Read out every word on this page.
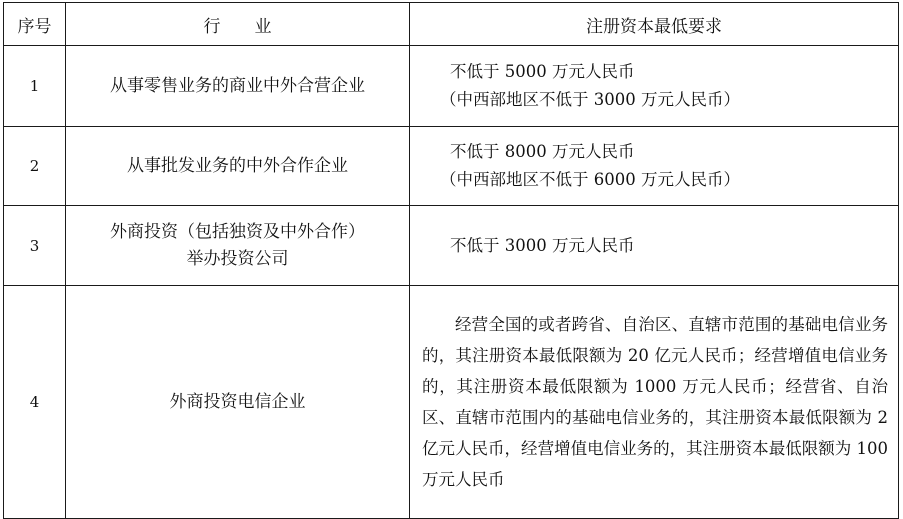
序号	行　　业	注册资本最低要求
1	从事零售业务的商业中外合营企业	不低于 5000 万元人民币
（中西部地区不低于 3000 万元人民币）

2	从事批发业务的中外合作企业	不低于 8000 万元人民币
（中西部地区不低于 6000 万元人民币）

3	外商投资（包括独资及中外合作）
举办投资公司	不低于 3000 万元人民币

4	外商投资电信企业	经营全国的或者跨省、自治区、直辖市范围的基础电信业务的，其注册资本最低限额为 20 亿元人民币；经营增值电信业务的，其注册资本最低限额为 1000 万元人民币；经营省、自治区、直辖市范围内的基础电信业务的，其注册资本最低限额为 2 亿元人民币，经营增值电信业务的，其注册资本最低限额为 100 万元人民币
